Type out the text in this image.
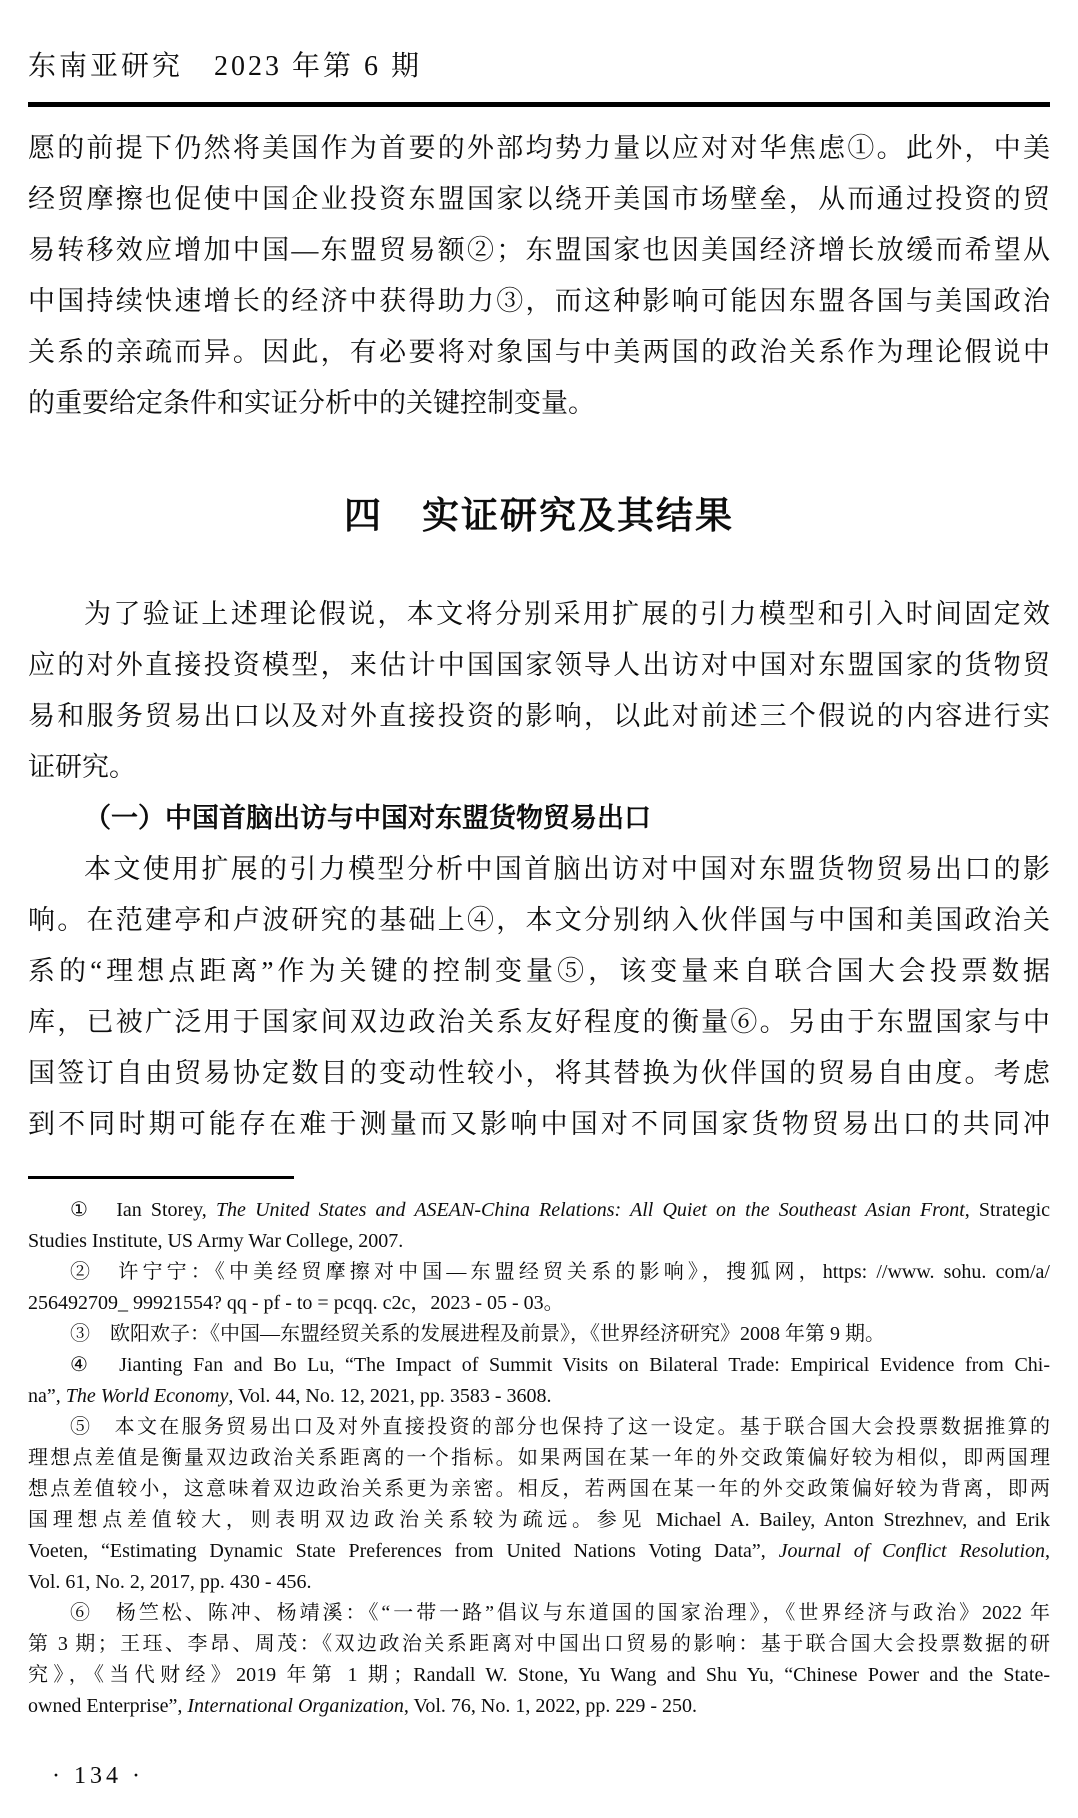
东南亚研究　2023 年第 6 期
愿的前提下仍然将美国作为首要的外部均势力量以应对对华焦虑①。此外，中美
经贸摩擦也促使中国企业投资东盟国家以绕开美国市场壁垒，从而通过投资的贸
易转移效应增加中国—东盟贸易额②；东盟国家也因美国经济增长放缓而希望从
中国持续快速增长的经济中获得助力③，而这种影响可能因东盟各国与美国政治
关系的亲疏而异。因此，有必要将对象国与中美两国的政治关系作为理论假说中
的重要给定条件和实证分析中的关键控制变量。
四　实证研究及其结果
为了验证上述理论假说，本文将分别采用扩展的引力模型和引入时间固定效
应的对外直接投资模型，来估计中国国家领导人出访对中国对东盟国家的货物贸
易和服务贸易出口以及对外直接投资的影响，以此对前述三个假说的内容进行实
证研究。
（一）中国首脑出访与中国对东盟货物贸易出口
本文使用扩展的引力模型分析中国首脑出访对中国对东盟货物贸易出口的影
响。在范建亭和卢波研究的基础上④，本文分别纳入伙伴国与中国和美国政治关
系的“理想点距离”作为关键的控制变量⑤，该变量来自联合国大会投票数据
库，已被广泛用于国家间双边政治关系友好程度的衡量⑥。另由于东盟国家与中
国签订自由贸易协定数目的变动性较小，将其替换为伙伴国的贸易自由度。考虑
到不同时期可能存在难于测量而又影响中国对不同国家货物贸易出口的共同冲
①　Ian Storey, The United States and ASEAN-China Relations: All Quiet on the Southeast Asian Front, Strategic
Studies Institute, US Army War College, 2007.
②　许宁宁：《中美经贸摩擦对中国—东盟经贸关系的影响》，搜狐网，https: //www. sohu. com/a/
256492709_ 99921554? qq - pf - to = pcqq. c2c，2023 - 05 - 03。
③　欧阳欢子：《中国—东盟经贸关系的发展进程及前景》，《世界经济研究》2008 年第 9 期。
④　Jianting Fan and Bo Lu, “The Impact of Summit Visits on Bilateral Trade: Empirical Evidence from Chi-
na”, The World Economy, Vol. 44, No. 12, 2021, pp. 3583 - 3608.
⑤　本文在服务贸易出口及对外直接投资的部分也保持了这一设定。基于联合国大会投票数据推算的
理想点差值是衡量双边政治关系距离的一个指标。如果两国在某一年的外交政策偏好较为相似，即两国理
想点差值较小，这意味着双边政治关系更为亲密。相反，若两国在某一年的外交政策偏好较为背离，即两
国理想点差值较大，则表明双边政治关系较为疏远。参见 Michael A. Bailey, Anton Strezhnev, and Erik
Voeten, “Estimating Dynamic State Preferences from United Nations Voting Data”, Journal of Conflict Resolution,
Vol. 61, No. 2, 2017, pp. 430 - 456.
⑥　杨竺松、陈冲、杨靖溪：《“一带一路”倡议与东道国的国家治理》，《世界经济与政治》2022 年
第 3 期；王珏、李昂、周茂：《双边政治关系距离对中国出口贸易的影响：基于联合国大会投票数据的研
究》，《当代财经》2019 年第 1 期；Randall W. Stone, Yu Wang and Shu Yu, “Chinese Power and the State-
owned Enterprise”, International Organization, Vol. 76, No. 1, 2022, pp. 229 - 250.
· 134 ·
